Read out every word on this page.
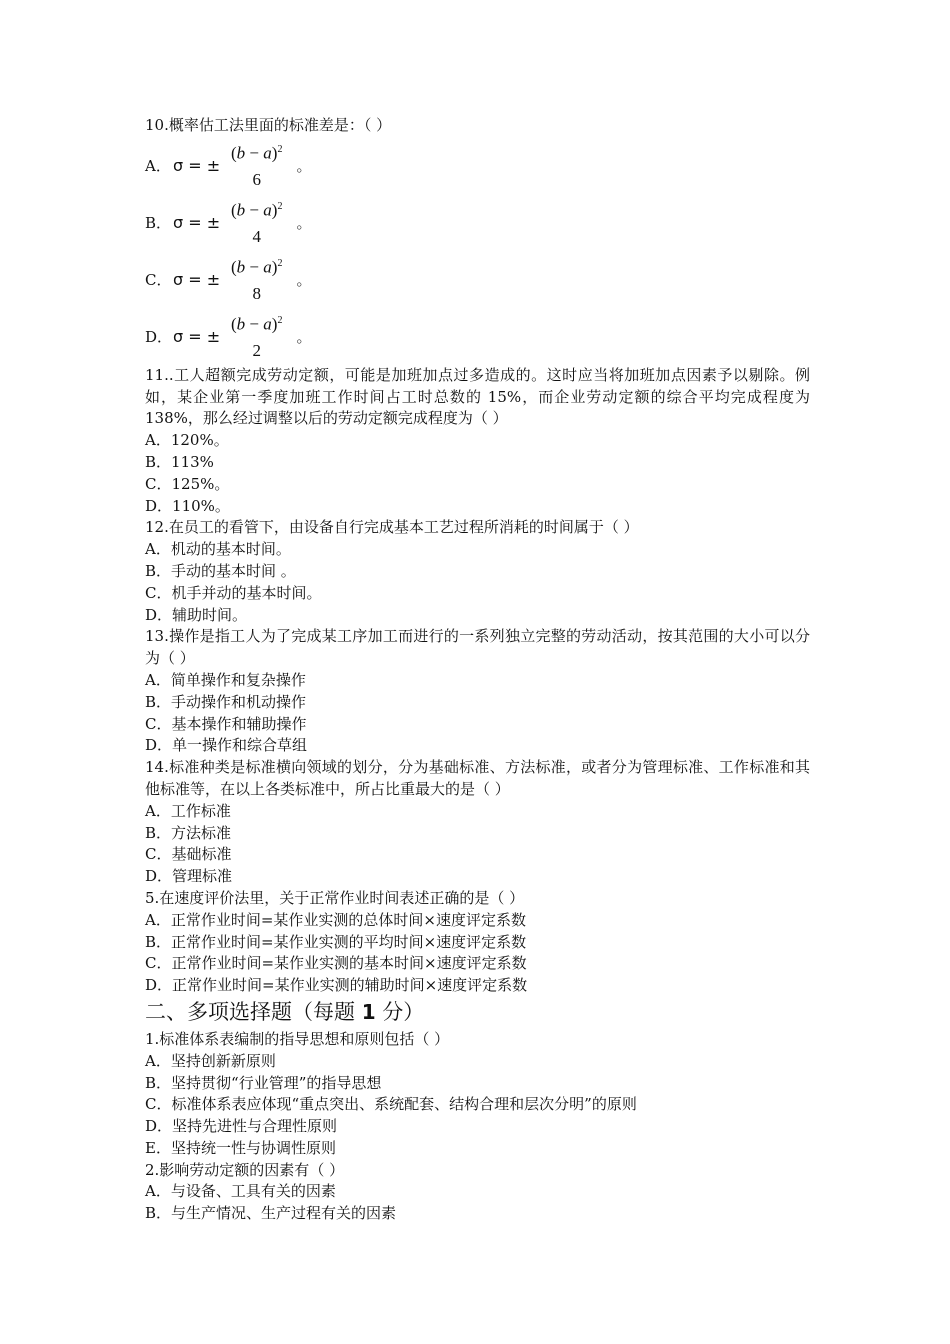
10.概率估工法里面的标准差是：（ ）
A． σ = ±
$(b - a)^2$
6
。
B． σ = ±
$(b - a)^2$
4
。
C． σ = ±
$(b - a)^2$
8
。
D． σ = ±
$(b - a)^2$
2
。
11..工人超额完成劳动定额，可能是加班加点过多造成的。这时应当将加班加点因素予以剔除。例如，某企业第一季度加班工作时间占工时总数的 15%，而企业劳动定额的综合平均完成程度为 138%，那么经过调整以后的劳动定额完成程度为（ ）
A．120%。
B．113%
C．125%。
D．110%。
12.在员工的看管下，由设备自行完成基本工艺过程所消耗的时间属于（ ）
A．机动的基本时间。
B．手动的基本时间 。
C．机手并动的基本时间。
D．辅助时间。
13.操作是指工人为了完成某工序加工而进行的一系列独立完整的劳动活动，按其范围的大小可以分为（ ）
A．简单操作和复杂操作
B．手动操作和机动操作
C．基本操作和辅助操作
D．单一操作和综合草组
14.标准种类是标准横向领域的划分，分为基础标准、方法标准，或者分为管理标准、工作标准和其他标准等，在以上各类标准中，所占比重最大的是（ ）
A．工作标准
B．方法标准
C．基础标准
D．管理标准
5.在速度评价法里，关于正常作业时间表述正确的是（ ）
A．正常作业时间=某作业实测的总体时间×速度评定系数
B．正常作业时间=某作业实测的平均时间×速度评定系数
C．正常作业时间=某作业实测的基本时间×速度评定系数
D．正常作业时间=某作业实测的辅助时间×速度评定系数
二、多项选择题（每题 1 分）
1.标准体系表编制的指导思想和原则包括（ ）
A．坚持创新新原则
B．坚持贯彻“行业管理”的指导思想
C．标准体系表应体现“重点突出、系统配套、结构合理和层次分明”的原则
D．坚持先进性与合理性原则
E．坚持统一性与协调性原则
2.影响劳动定额的因素有（ ）
A．与设备、工具有关的因素
B．与生产情况、生产过程有关的因素
